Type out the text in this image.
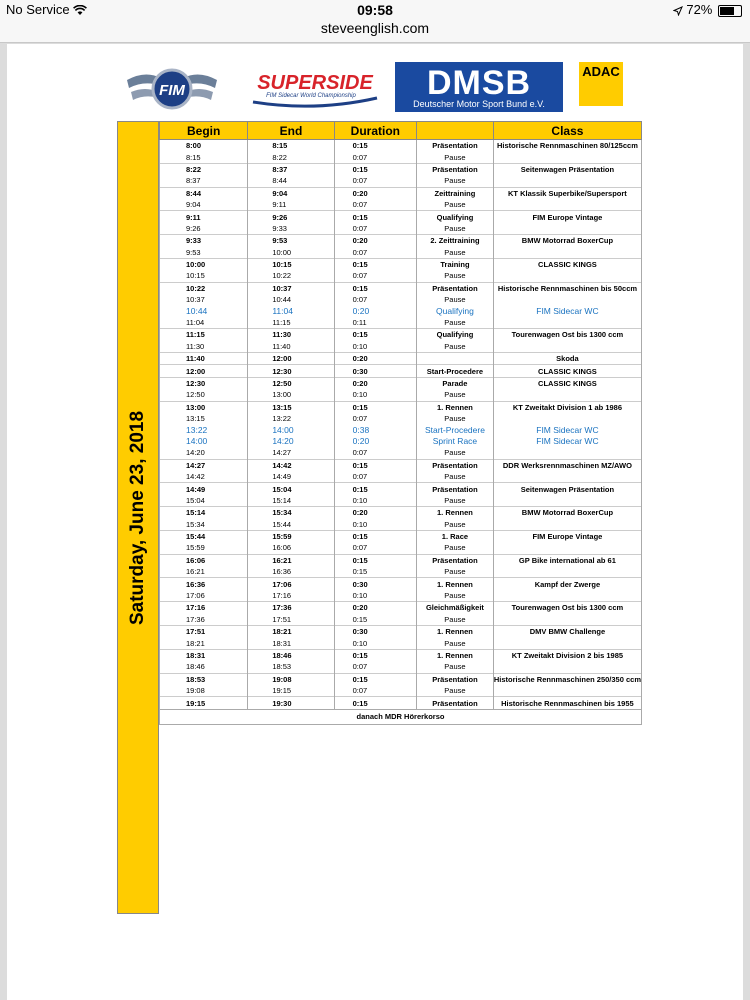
No Service	09:58	72%
steveenglish.com
FIM	SUPERSIDE
FIM Sidecar World Championship	DMSB
Deutscher Motor Sport Bund e.V.
ADAC
Saturday, June 23, 2018
Begin	End	Duration		Class
8:00	8:15	0:15	Präsentation	Historische Rennmaschinen 80/125ccm
8:15	8:22	0:07	Pause	
8:22	8:37	0:15	Präsentation	Seitenwagen Präsentation
8:37	8:44	0:07	Pause	
8:44	9:04	0:20	Zeittraining	KT Klassik Superbike/Supersport
9:04	9:11	0:07	Pause	
9:11	9:26	0:15	Qualifying	FIM Europe Vintage
9:26	9:33	0:07	Pause	
9:33	9:53	0:20	2. Zeittraining	BMW Motorrad BoxerCup
9:53	10:00	0:07	Pause	
10:00	10:15	0:15	Training	CLASSIC KINGS
10:15	10:22	0:07	Pause	
10:22	10:37	0:15	Präsentation	Historische Rennmaschinen bis 50ccm
10:37	10:44	0:07	Pause	
10:44	11:04	0:20	Qualifying	FIM Sidecar WC
11:04	11:15	0:11	Pause	
11:15	11:30	0:15	Qualifying	Tourenwagen Ost bis 1300 ccm
11:30	11:40	0:10	Pause	
11:40	12:00	0:20		Skoda
12:00	12:30	0:30	Start-Procedere	CLASSIC KINGS
12:30	12:50	0:20	Parade	CLASSIC KINGS
12:50	13:00	0:10	Pause	
13:00	13:15	0:15	1. Rennen	KT Zweitakt Division 1 ab 1986
13:15	13:22	0:07	Pause	
13:22	14:00	0:38	Start-Procedere	FIM Sidecar WC
14:00	14:20	0:20	Sprint Race	FIM Sidecar WC
14:20	14:27	0:07	Pause	
14:27	14:42	0:15	Präsentation	DDR Werksrennmaschinen MZ/AWO
14:42	14:49	0:07	Pause	
14:49	15:04	0:15	Präsentation	Seitenwagen Präsentation
15:04	15:14	0:10	Pause	
15:14	15:34	0:20	1. Rennen	BMW Motorrad BoxerCup
15:34	15:44	0:10	Pause	
15:44	15:59	0:15	1. Race	FIM Europe Vintage
15:59	16:06	0:07	Pause	
16:06	16:21	0:15	Präsentation	GP Bike international ab 61
16:21	16:36	0:15	Pause	
16:36	17:06	0:30	1. Rennen	Kampf der Zwerge
17:06	17:16	0:10	Pause	
17:16	17:36	0:20	Gleichmäßigkeit	Tourenwagen Ost bis 1300 ccm
17:36	17:51	0:15	Pause	
17:51	18:21	0:30	1. Rennen	DMV BMW Challenge
18:21	18:31	0:10	Pause	
18:31	18:46	0:15	1. Rennen	KT Zweitakt Division 2 bis 1985
18:46	18:53	0:07	Pause	
18:53	19:08	0:15	Präsentation	Historische Rennmaschinen 250/350 ccm
19:08	19:15	0:07	Pause	
19:15	19:30	0:15	Präsentation	Historische Rennmaschinen bis 1955
danach MDR Hörerkorso				
